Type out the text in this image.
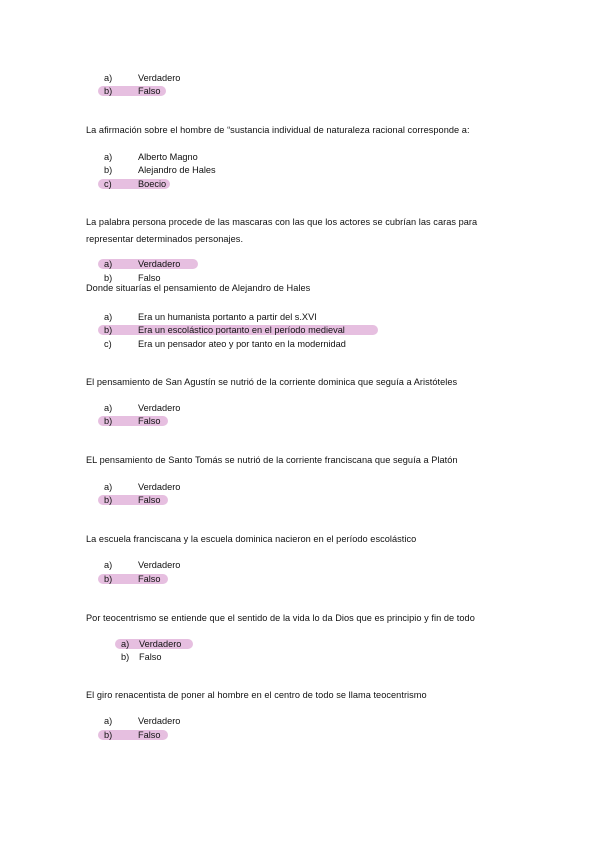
a)	Verdadero
b)	Falso
La afirmación sobre el hombre de “sustancia individual de naturaleza racional corresponde a:
a)	Alberto Magno
b)	Alejandro de Hales
c)	Boecio
La palabra persona procede de las mascaras con las que los actores se cubrían las caras para representar determinados personajes.
a)	Verdadero
b)	Falso
Donde situarías el pensamiento de Alejandro de Hales
a)	Era un humanista portanto a partir del s.XVI
b)	Era un escolástico portanto en el período medieval
c)	Era un pensador ateo y por tanto en la modernidad
El pensamiento de San Agustín se nutrió de la corriente dominica que seguía a Aristóteles
a)	Verdadero
b)	Falso
EL pensamiento de Santo Tomás se nutrió de la corriente franciscana que seguía a Platón
a)	Verdadero
b)	Falso
La escuela franciscana y la escuela dominica nacieron en el período escolástico
a)	Verdadero
b)	Falso
Por teocentrismo se entiende que el sentido de la vida lo da Dios que es principio y fin de todo
a) Verdadero
b) Falso
El giro renacentista de poner al hombre en el centro de todo se llama teocentrismo
a)	Verdadero
b)	Falso
